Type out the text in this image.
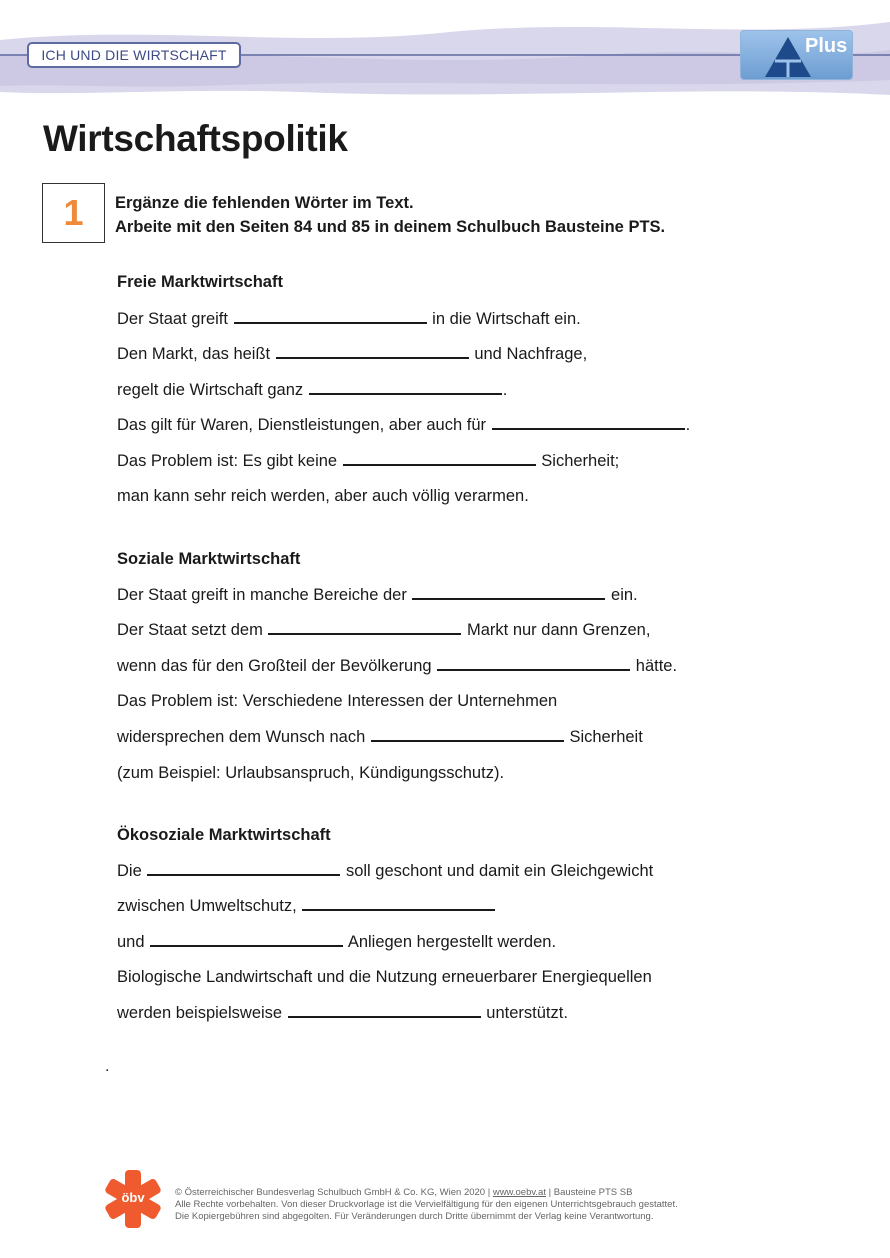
ICH UND DIE WIRTSCHAFT	Plus
Wirtschaftspolitik
1	Ergänze die fehlenden Wörter im Text.
Arbeite mit den Seiten 84 und 85 in deinem Schulbuch Bausteine PTS.
Freie Marktwirtschaft
Der Staat greift	in die Wirtschaft ein.
Den Markt, das heißt	und Nachfrage,
regelt die Wirtschaft ganz	.
Das gilt für Waren, Dienstleistungen, aber auch für	.
Das Problem ist: Es gibt keine	Sicherheit;
man kann sehr reich werden, aber auch völlig verarmen.
Soziale Marktwirtschaft
Der Staat greift in manche Bereiche der	ein.
Der Staat setzt dem	Markt nur dann Grenzen,
wenn das für den Großteil der Bevölkerung	hätte.
Das Problem ist: Verschiedene Interessen der Unternehmen
widersprechen dem Wunsch nach	Sicherheit
(zum Beispiel: Urlaubsanspruch, Kündigungsschutz).
Ökosoziale Marktwirtschaft
Die	soll geschont und damit ein Gleichgewicht
zwischen Umweltschutz,
und	Anliegen hergestellt werden.
Biologische Landwirtschaft und die Nutzung erneuerbarer Energiequellen
werden beispielsweise	unterstützt.
.
öbv	© Österreichischer Bundesverlag Schulbuch GmbH & Co. KG, Wien 2020 | www.oebv.at | Bausteine PTS SB
Alle Rechte vorbehalten. Von dieser Druckvorlage ist die Vervielfältigung für den eigenen Unterrichtsgebrauch gestattet.
Die Kopiergebühren sind abgegolten. Für Veränderungen durch Dritte übernimmt der Verlag keine Verantwortung.
